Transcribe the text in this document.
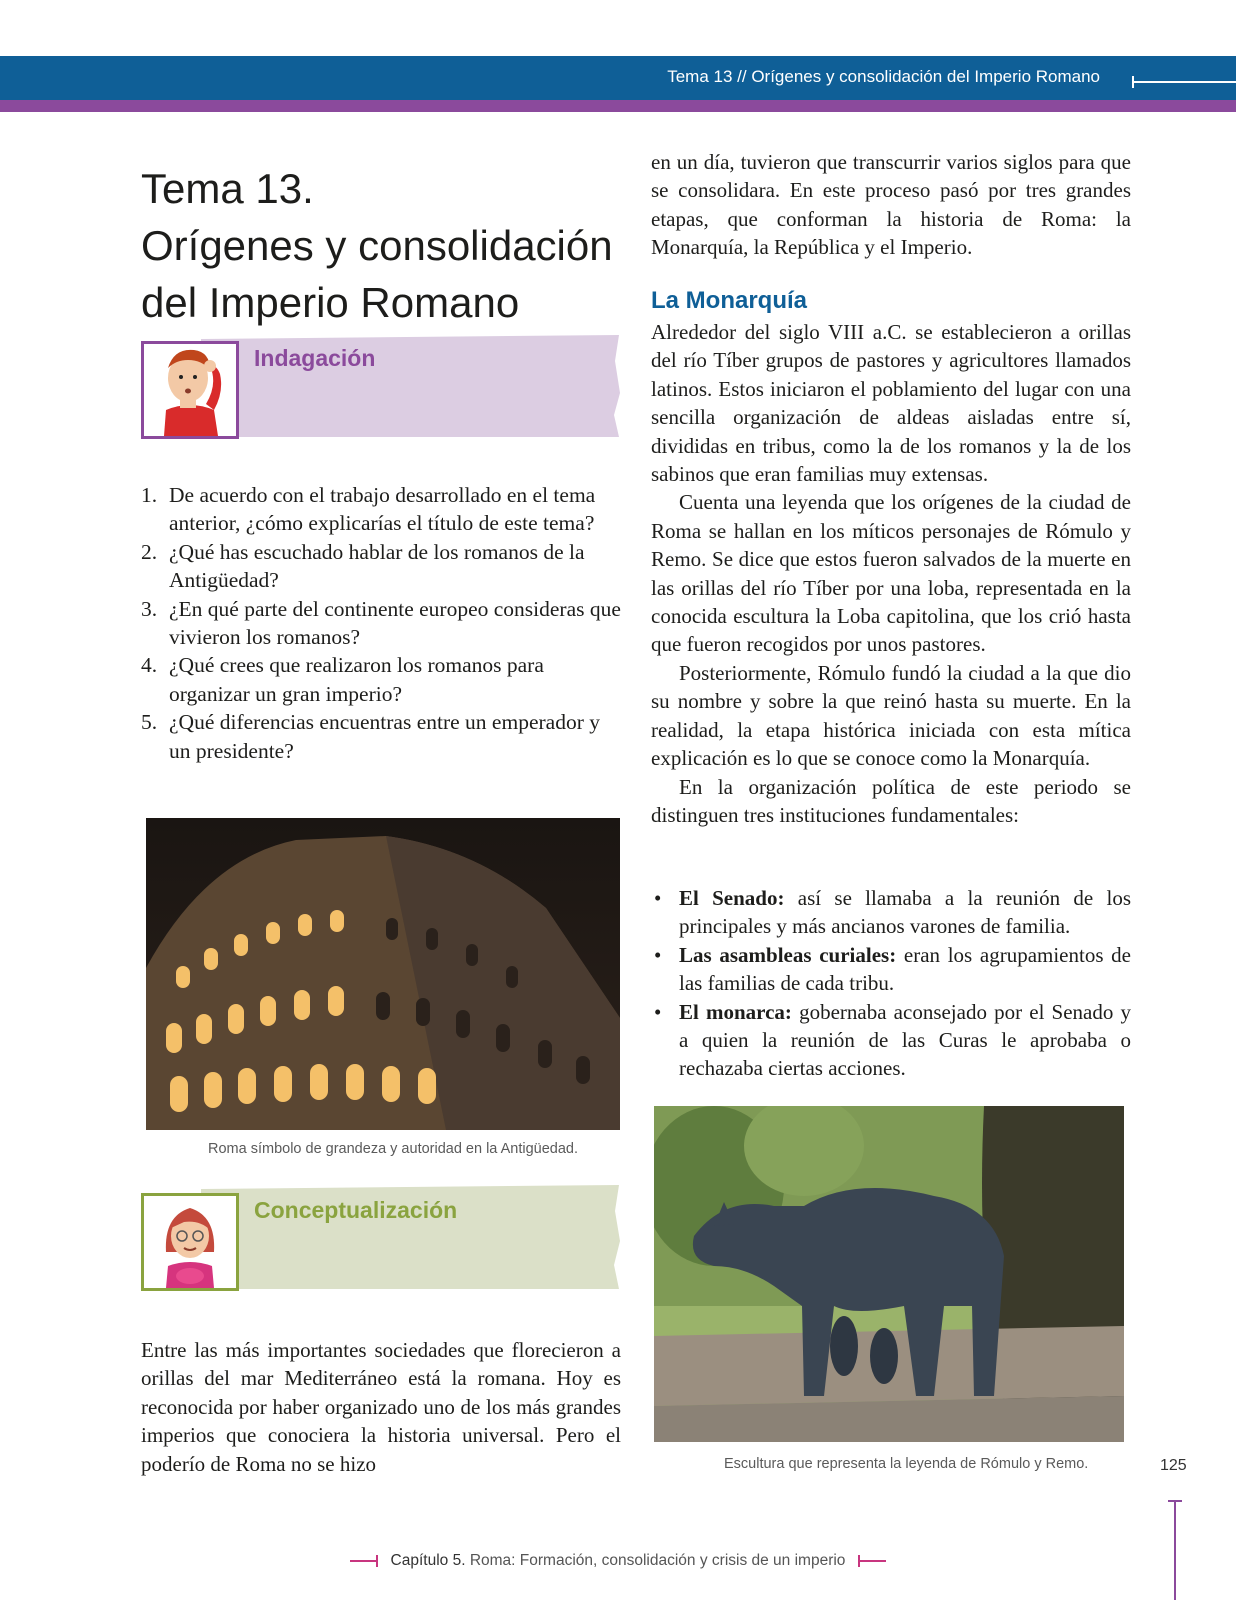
Tema 13 // Orígenes y consolidación del Imperio Romano
Tema 13.
Orígenes y consolidación
del Imperio Romano
Indagación
1. De acuerdo con el trabajo desarrollado en el tema anterior, ¿cómo explicarías el título de este tema?
2. ¿Qué has escuchado hablar de los romanos de la Antigüedad?
3. ¿En qué parte del continente europeo consideras que vivieron los romanos?
4. ¿Qué crees que realizaron los romanos para organizar un gran imperio?
5. ¿Qué diferencias encuentras entre un emperador y un presidente?
Roma símbolo de grandeza y autoridad en la Antigüedad.
Conceptualización

Entre las más importantes sociedades que florecieron a orillas del mar Mediterráneo está la romana. Hoy es reconocida por haber organizado uno de los más grandes imperios que conociera la historia universal. Pero el poderío de Roma no se hizo

en un día, tuvieron que transcurrir varios siglos para que se consolidara. En este proceso pasó por tres grandes etapas, que conforman la historia de Roma: la Monarquía, la República y el Imperio.

La Monarquía

Alrededor del siglo VIII a.C. se establecieron a orillas del río Tíber grupos de pastores y agricultores llamados latinos. Estos iniciaron el poblamiento del lugar con una sencilla organización de aldeas aisladas entre sí, divididas en tribus, como la de los romanos y la de los sabinos que eran familias muy extensas.

Cuenta una leyenda que los orígenes de la ciudad de Roma se hallan en los míticos personajes de Rómulo y Remo. Se dice que estos fueron salvados de la muerte en las orillas del río Tíber por una loba, representada en la conocida escultura la Loba capitolina, que los crió hasta que fueron recogidos por unos pastores.

Posteriormente, Rómulo fundó la ciudad a la que dio su nombre y sobre la que reinó hasta su muerte. En la realidad, la etapa histórica iniciada con esta mítica explicación es lo que se conoce como la Monarquía.

En la organización política de este periodo se distinguen tres instituciones fundamentales:

• El Senado: así se llamaba a la reunión de los principales y más ancianos varones de familia.
• Las asambleas curiales: eran los agrupamientos de las familias de cada tribu.
• El monarca: gobernaba aconsejado por el Senado y a quien la reunión de las Curas le aprobaba o rechazaba ciertas acciones.
Escultura que representa la leyenda de Rómulo y Remo.	125
Capítulo 5. Roma: Formación, consolidación y crisis de un imperio
